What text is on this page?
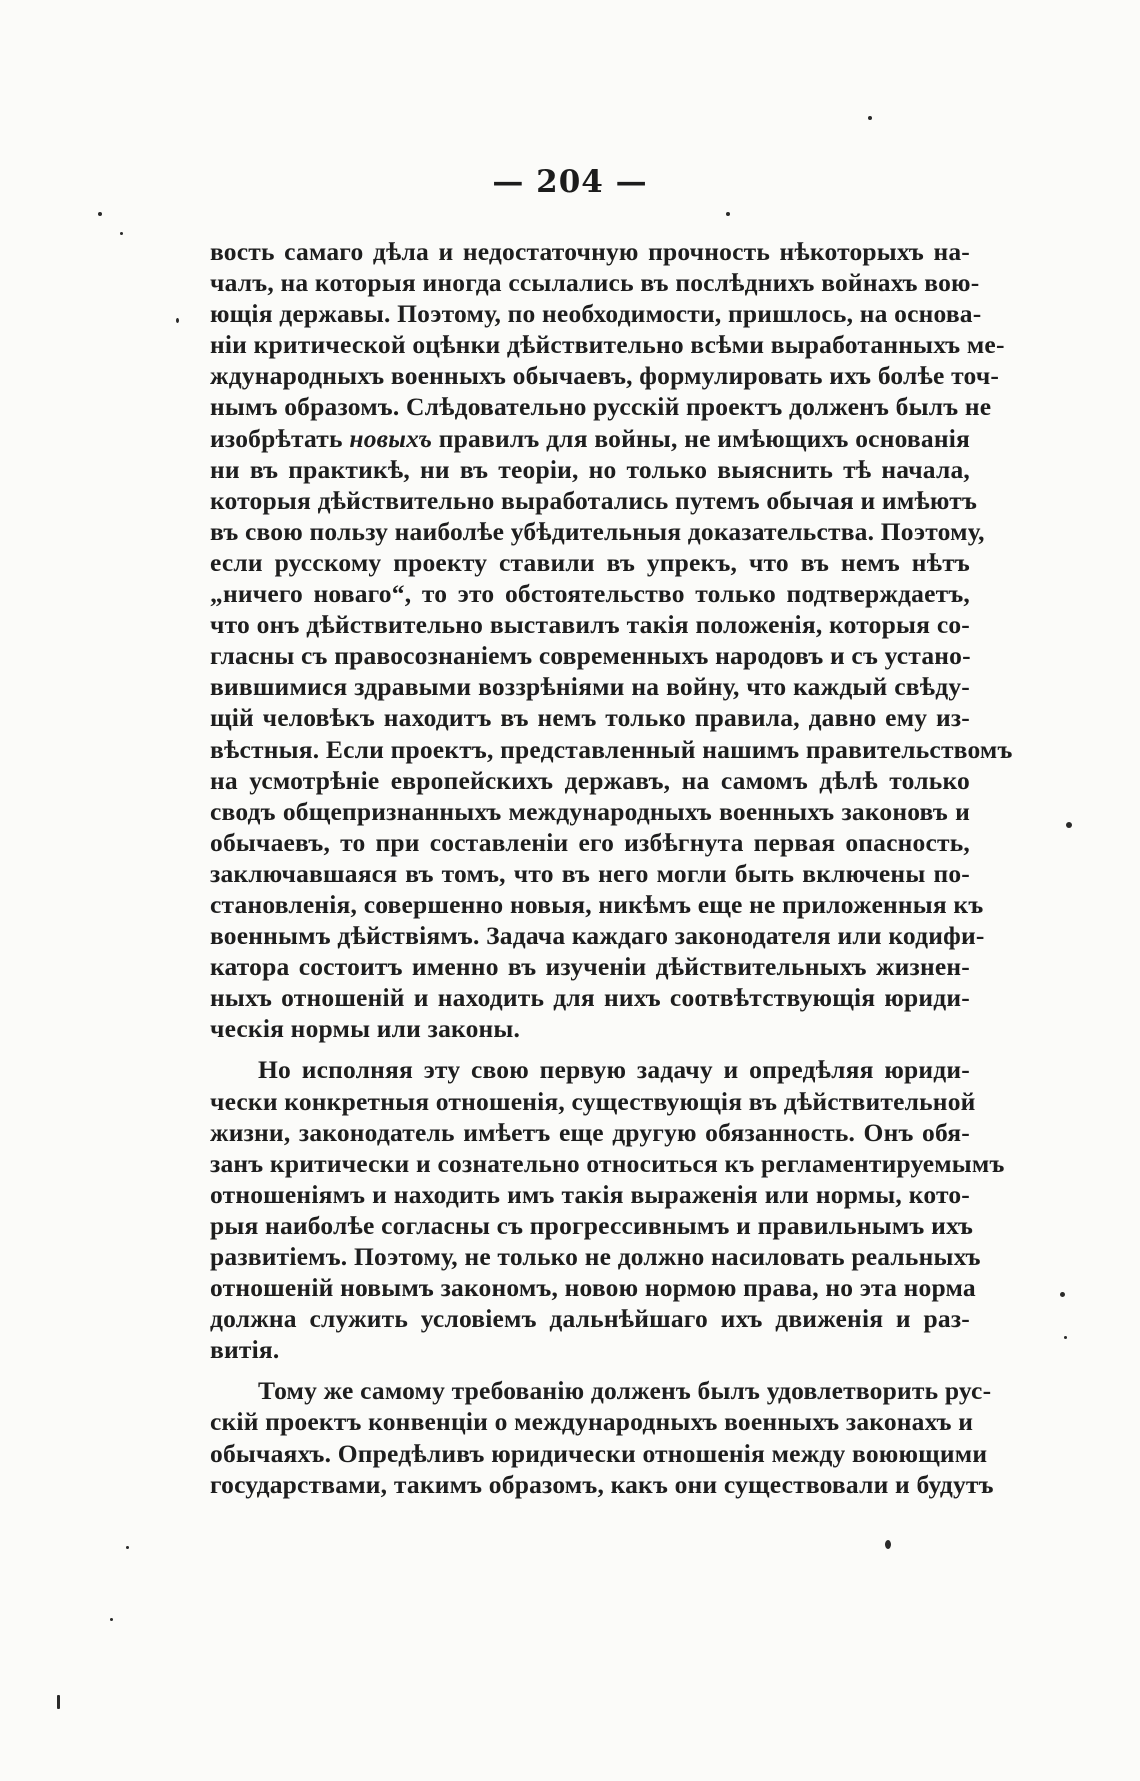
— 204 —
вость самаго дѣла и недостаточную прочность нѣкоторыхъ на-
чалъ, на которыя иногда ссылались въ послѣднихъ войнахъ вою-
ющія державы. Поэтому, по необходимости, пришлось, на основа-
ніи критической оцѣнки дѣйствительно всѣми выработанныхъ ме-
ждународныхъ военныхъ обычаевъ, формулировать ихъ болѣе точ-
нымъ образомъ. Слѣдовательно русскій проектъ долженъ былъ не
изобрѣтать новыхъ правилъ для войны, не имѣющихъ основанія
ни въ практикѣ, ни въ теоріи, но только выяснить тѣ начала,
которыя дѣйствительно выработались путемъ обычая и имѣютъ
въ свою пользу наиболѣе убѣдительныя доказательства. Поэтому,
если русскому проекту ставили въ упрекъ, что въ немъ нѣтъ
„ничего новаго“, то это обстоятельство только подтверждаетъ,
что онъ дѣйствительно выставилъ такія положенія, которыя со-
гласны съ правосознаніемъ современныхъ народовъ и съ устано-
вившимися здравыми воззрѣніями на войну, что каждый свѣду-
щій человѣкъ находитъ въ немъ только правила, давно ему из-
вѣстныя. Если проектъ, представленный нашимъ правительствомъ
на усмотрѣніе европейскихъ державъ, на самомъ дѣлѣ только
сводъ общепризнанныхъ международныхъ военныхъ законовъ и
обычаевъ, то при составленіи его избѣгнута первая опасность,
заключавшаяся въ томъ, что въ него могли быть включены по-
становленія, совершенно новыя, никѣмъ еще не приложенныя къ
военнымъ дѣйствіямъ. Задача каждаго законодателя или кодифи-
катора состоитъ именно въ изученіи дѣйствительныхъ жизнен-
ныхъ отношеній и находить для нихъ соотвѣтствующія юриди-
ческія нормы или законы.
Но исполняя эту свою первую задачу и опредѣляя юриди-
чески конкретныя отношенія, существующія въ дѣйствительной
жизни, законодатель имѣетъ еще другую обязанность. Онъ обя-
занъ критически и сознательно относиться къ регламентируемымъ
отношеніямъ и находить имъ такія выраженія или нормы, кото-
рыя наиболѣе согласны съ прогрессивнымъ и правильнымъ ихъ
развитіемъ. Поэтому, не только не должно насиловать реальныхъ
отношеній новымъ закономъ, новою нормою права, но эта норма
должна служить условіемъ дальнѣйшаго ихъ движенія и раз-
витія.
Тому же самому требованію долженъ былъ удовлетворить рус-
скій проектъ конвенціи о международныхъ военныхъ законахъ и
обычаяхъ. Опредѣливъ юридически отношенія между воюющими
государствами, такимъ образомъ, какъ они существовали и будутъ
